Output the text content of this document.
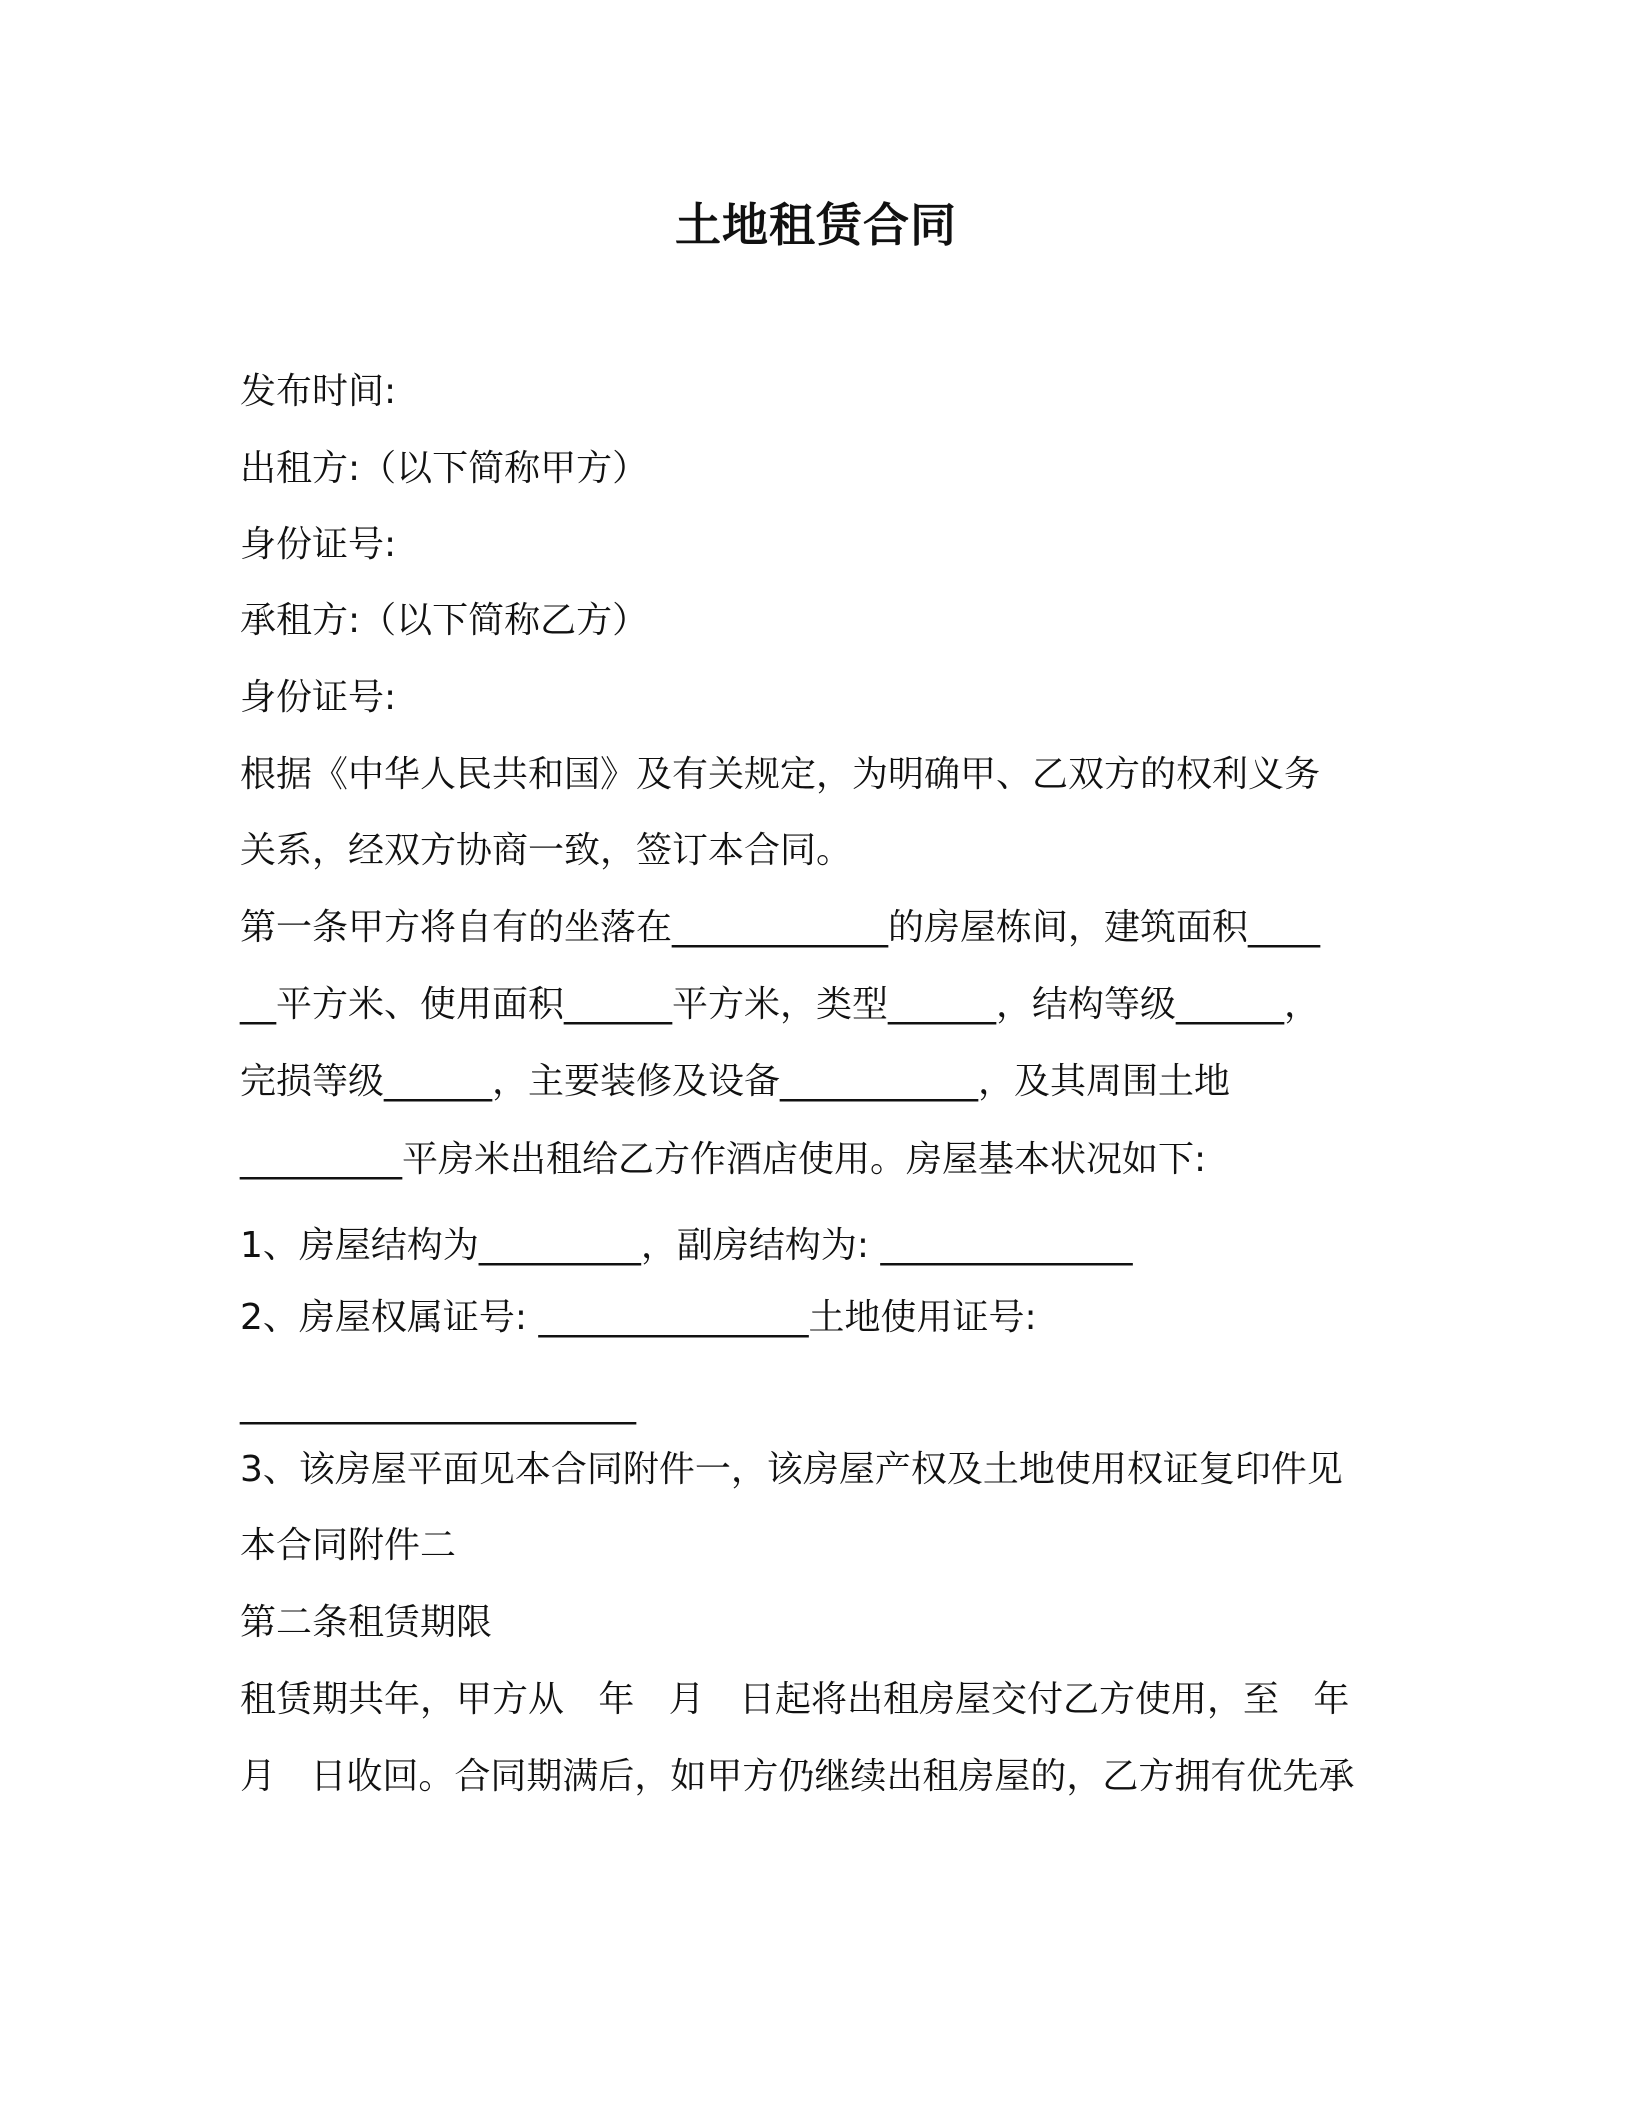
土地租赁合同
发布时间:
出租方:（以下简称甲方）
身份证号:
承租方:（以下简称乙方）
身份证号:
根据《中华人民共和国》及有关规定，为明确甲、乙双方的权利义务
关系，经双方协商一致，签订本合同。
第一条甲方将自有的坐落在____________的房屋栋间，建筑面积____
__平方米、使用面积______平方米，类型______，结构等级______，
完损等级______，主要装修及设备___________，及其周围土地
_________平房米出租给乙方作酒店使用。房屋基本状况如下:
1、房屋结构为_________，副房结构为: ______________
2、房屋权属证号: _______________土地使用证号:
______________________
3、该房屋平面见本合同附件一，该房屋产权及土地使用权证复印件见
本合同附件二
第二条租赁期限
租赁期共年，甲方从   年   月   日起将出租房屋交付乙方使用，至   年
月   日收回。合同期满后，如甲方仍继续出租房屋的，乙方拥有优先承
